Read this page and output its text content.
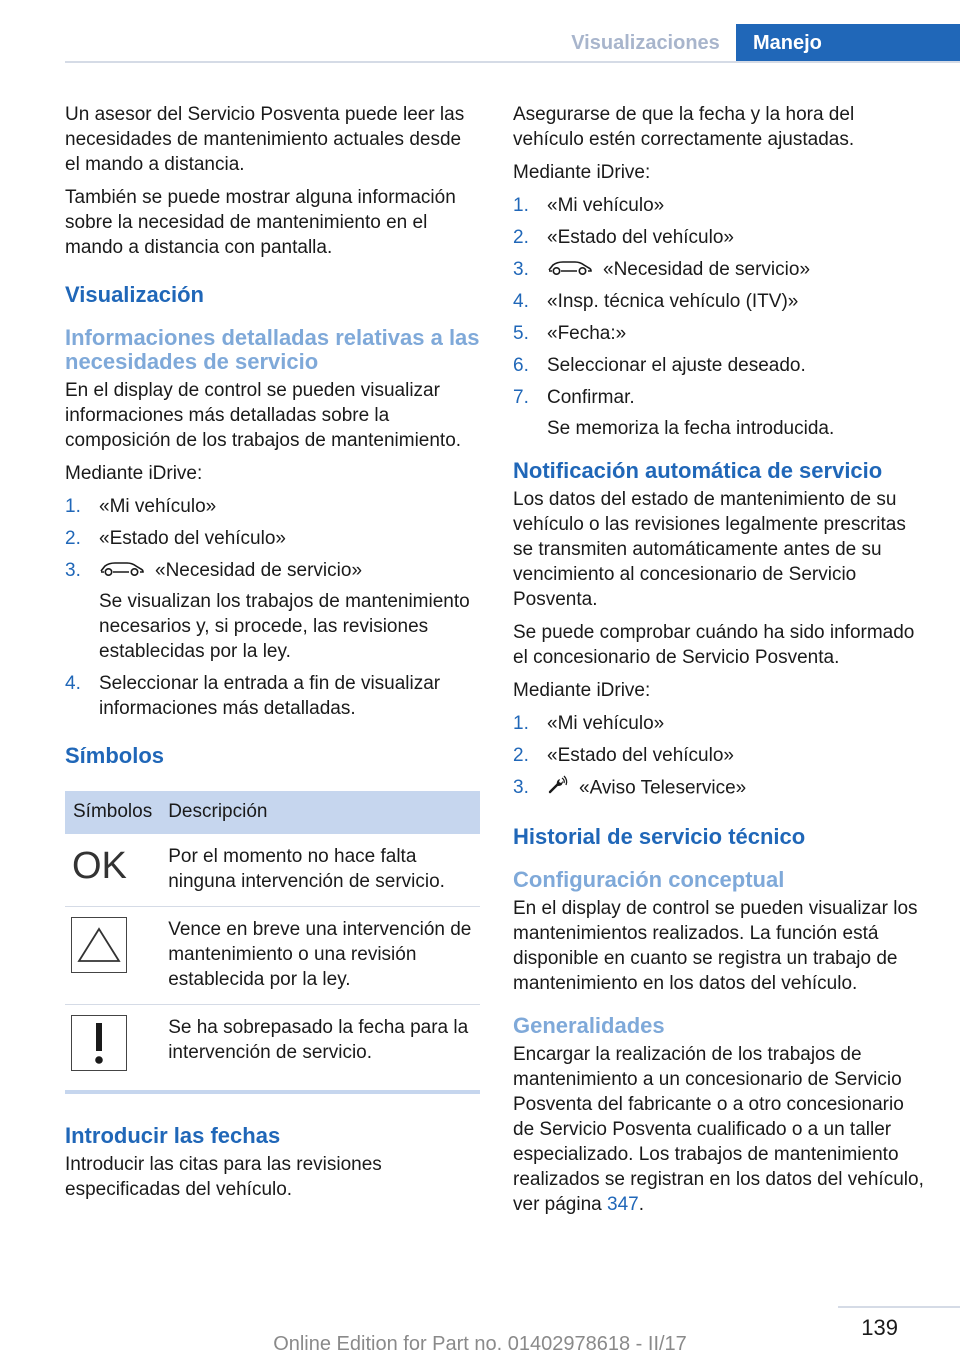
Visualizaciones	Manejo

Un asesor del Servicio Posventa puede leer las necesidades de mantenimiento actuales desde el mando a distancia.

También se puede mostrar alguna información sobre la necesidad de mantenimiento en el mando a distancia con pantalla.

Visualización
Informaciones detalladas relativas a las necesidades de servicio

En el display de control se pueden visualizar informaciones más detalladas sobre la composición de los trabajos de mantenimiento.

Mediante iDrive:

1. «Mi vehículo»
2. «Estado del vehículo»
3.	«Necesidad de servicio»
Se visualizan los trabajos de mantenimiento necesarios y, si procede, las revisiones establecidas por la ley.
4. Seleccionar la entrada a fin de visualizar informaciones más detalladas.
Símbolos
Símbolos	Descripción

OK	Por el momento no hace falta ninguna intervención de servicio.
	Vence en breve una intervención de mantenimiento o una revisión establecida por la ley.
	Se ha sobrepasado la fecha para la intervención de servicio.
Introducir las fechas

Introducir las citas para las revisiones especificadas del vehículo.

Asegurarse de que la fecha y la hora del vehículo estén correctamente ajustadas.

Mediante iDrive:

1. «Mi vehículo»
2. «Estado del vehículo»
3.	«Necesidad de servicio»
4. «Insp. técnica vehículo (ITV)»
5. «Fecha:»
6. Seleccionar el ajuste deseado.
7. Confirmar.
Se memoriza la fecha introducida.
Notificación automática de servicio

Los datos del estado de mantenimiento de su vehículo o las revisiones legalmente prescritas se transmiten automáticamente antes de su vencimiento al concesionario de Servicio Posventa.

Se puede comprobar cuándo ha sido informado el concesionario de Servicio Posventa.

Mediante iDrive:

1. «Mi vehículo»
2. «Estado del vehículo»
3.	«Aviso Teleservice»
Historial de servicio técnico
Configuración conceptual

En el display de control se pueden visualizar los mantenimientos realizados. La función está disponible en cuanto se registra un trabajo de mantenimiento en los datos del vehículo.

Generalidades

Encargar la realización de los trabajos de mantenimiento a un concesionario de Servicio Posventa del fabricante o a otro concesionario de Servicio Posventa cualificado o a un taller especializado. Los trabajos de mantenimiento realizados se registran en los datos del vehículo, ver página 347.

139
Online Edition for Part no. 01402978618 - II/17
